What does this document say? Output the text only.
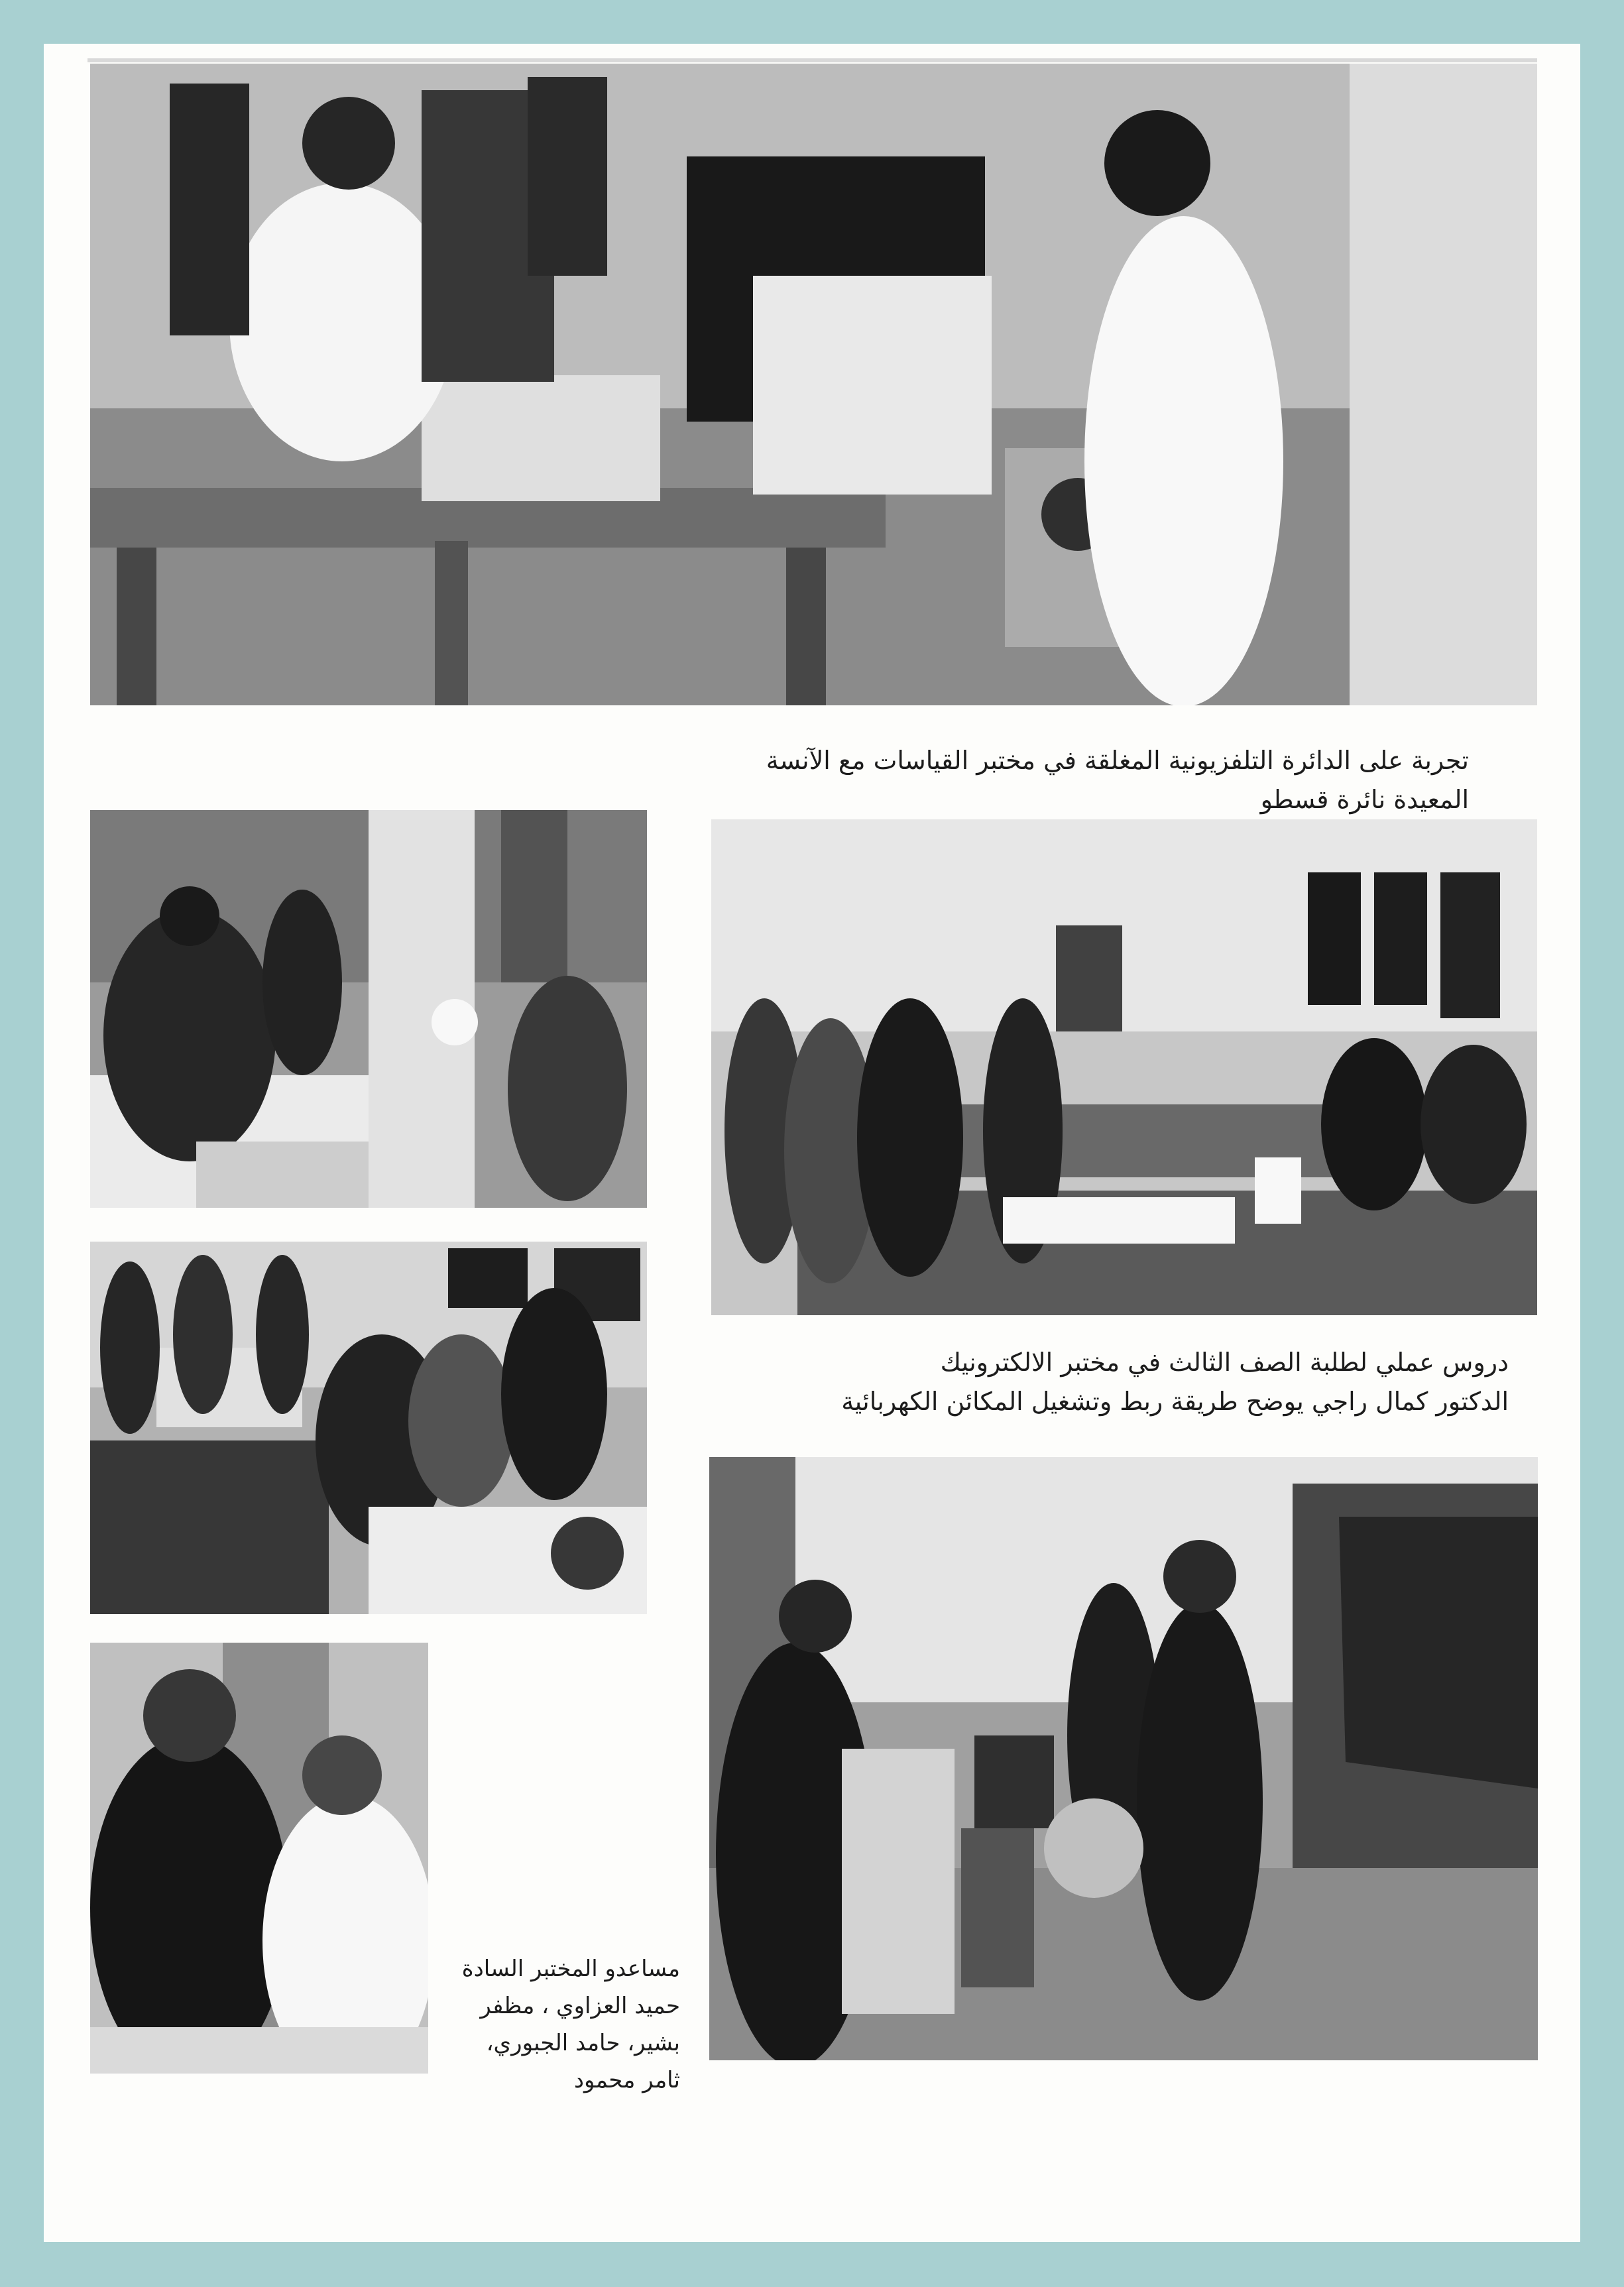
تجربة على الدائرة التلفزيونية المغلقة في مختبر القياسات مع الآنسة المعيدة نائرة قسطو
دروس عملي لطلبة الصف الثالث في مختبر الالكترونيك
الدكتور كمال راجي يوضح طريقة ربط وتشغيل المكائن الكهربائية
مساعدو المختبر السادة
حميد العزاوي ، مظفر
بشير، حامد الجبوري،
ثامر محمود
